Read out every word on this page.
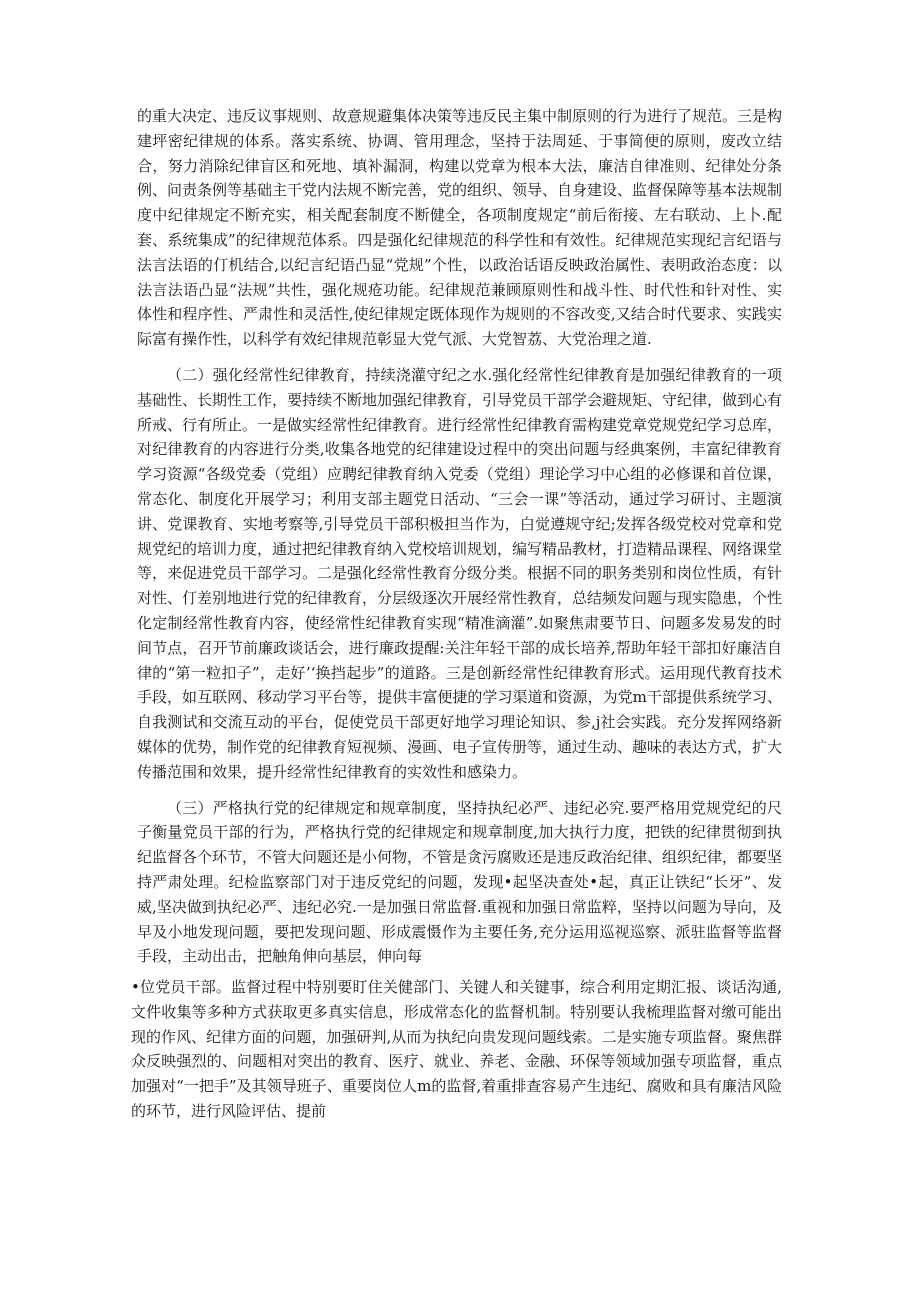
的重大决定、违反议事规则、故意规避集体决策等违反民主集中制原则的行为进行了规范。三是构建坪密纪律规的体系。落实系统、协调、管用理念，坚持于法周延、于事简便的原则，废改立结合，努力消除纪律盲区和死地、填补漏洞，构建以党章为根本大法，廉洁自律准则、纪律处分条例、问责条例等基础主干党内法规不断完善，党的组织、领导、自身建设、监督保障等基本法规制度中纪律规定不断充实，相关配套制度不断健全，各项制度规定“前后衔接、左右联动、上卜.配套、系统集成”的纪律规范体系。四是强化纪律规范的科学性和有效性。纪律规范实现纪言纪语与法言法语的仃机结合,以纪言纪语凸显“党规”个性，以政治话语反映政治属性、表明政治态度：以法言法语凸显“法规”共性，强化规疮功能。纪律规范兼顾原则性和战斗性、时代性和针对性、实体性和程序性、严肃性和灵活性,使纪律规定既体现作为规则的不容改变,又结合时代要求、实践实际富有操作性，以科学有效纪律规范彰显大党气派、大党智荔、大党治理之道.

（二）强化经常性纪律教育，持续浇灌守纪之水.强化经常性纪律教育是加强纪律教育的一项基础性、长期性工作，要持续不断地加强纪律教育，引导党员干部学会避规矩、守纪律，做到心有所戒、行有所止。一是做实经常性纪律教育。进行经常性纪律教育需构建党章党规党纪学习总库，对纪律教育的内容进行分类,收集各地党的纪律建设过程中的突出问题与经典案例，丰富纪律教育学习资源“各级党委（党组）应聘纪律教育纳入党委（党组）理论学习中心组的必修课和首位课，常态化、制度化开展学习；利用支部主题党日活动、“三会一课”等活动，通过学习研讨、主题演讲、党课教育、实地考察等,引导党员干部积极担当作为，白觉遵规守纪;发挥各级党校对党章和党规党纪的培训力度，通过把纪律教育纳入党校培训规划，编写精品教材，打造精品课程、网络课堂等，来促进党员干部学习。二是强化经常性教育分级分类。根据不同的职务类别和岗位性质，有针对性、仃差别地进行党的纪律教育，分层级逐次开展经常性教育，总结频发问题与现实隐患，个性化定制经常性教育内容，使经常性纪律教育实现“精准滴灌”.如聚焦肃要节日、问题多发易发的时间节点，召开节前廉政谈话会，进行廉政提醒:关注年轻干部的成长培养,帮助年轻干部扣好廉洁自律的“第一粒扣子”，走好’‘换挡起步”的道路。三是创新经常性纪律教育形式。运用现代教育技术手段，如互联网、移动学习平台等，提供丰富便捷的学习渠道和资源，为党m干部提供系统学习、自我测试和交流互动的平台，促使党员干部更好地学习理论知识、参,j社会实践。充分发挥网络新媒体的优势，制作党的纪律教育短视频、漫画、电子宣传册等，通过生动、趣味的表达方式，扩大传播范围和效果，提升经常性纪律教育的实效性和感染力。

（三）严格执行党的纪律规定和规章制度，坚持执纪必严、违纪必究.要严格用党规党纪的尺子衡量党员干部的行为，严格执行党的纪律规定和规章制度,加大执行力度，把铁的纪律贯彻到执纪监督各个环节，不管大问题还是小何物，不管是贪污腐败还是违反政治纪律、组织纪律，都要坚持严肃处理。纪检监察部门对于违反党纪的问题，发现•起坚决查处•起，真正让铁纪“长牙”、发威,坚决做到执纪必严、违纪必究.一是加强日常监督.重视和加强日常监粹，坚持以问题为导向，及早及小地发现问题，要把发现问题、形成震慑作为主要任务,充分运用巡视巡察、派驻监督等监督手段，主动出击，把触角伸向基层，伸向每

•位党员干部。监督过程中特别要盯住关健部门、关键人和关键事，综合利用定期汇报、谈话沟通,文件收集等多种方式获取更多真实信息，形成常态化的监督机制。特别要认我梳理监督对缴可能出现的作风、纪律方面的问题，加强研判,从而为执纪向贵发现问题线索。二是实施专项监督。聚焦群众反映强烈的、问题相对突出的教育、医疗、就业、养老、金融、环保等领域加强专项监督，重点加强对“一把手”及其领导班子、重要岗位人m的监督,着重排查容易产生违纪、腐败和具有廉洁风险的环节，进行风险评估、提前
